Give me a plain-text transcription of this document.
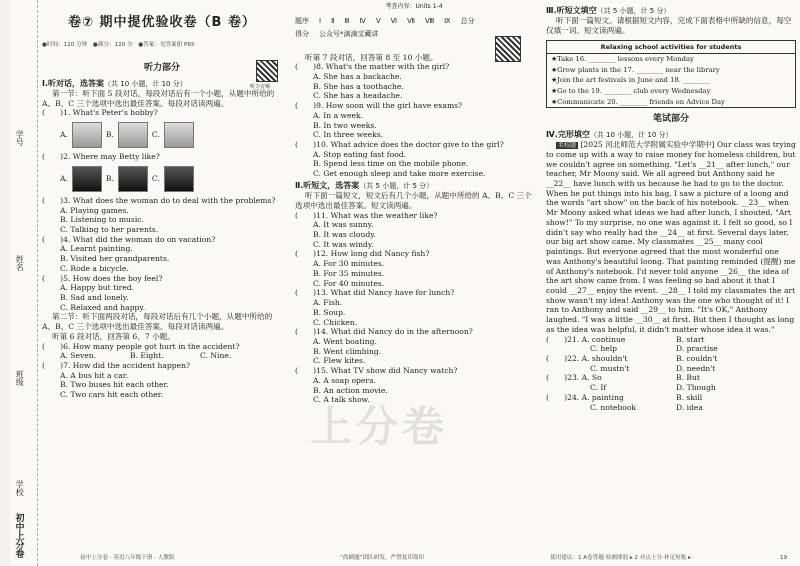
学号
姓名
班级
学校
初中上分卷
卷⑦ 期中提优验收卷（B 卷）
●时间：120 分钟　●满分：120 分　●答案：见答案册 P65
听力音频
听力部分

Ⅰ.听对话，选答案（共 10 小题，计 10 分）

第一节：听下面 5 段对话，每段对话后有一个小题，从题中所给的 A、B、C 三个选项中选出最佳答案。每段对话读两遍。

(　　)1. What's Peter's hobby?

A.	B.	C.

(　　)2. Where may Betty like?

A.	B.	C.

(　　)3. What does the woman do to deal with the problems?

A. Playing games.

B. Listening to music.

C. Talking to her parents.

(　　)4. What did the woman do on vacation?

A. Learnt painting.

B. Visited her grandparents.

C. Rode a bicycle.

(　　)5. How does the boy feel?

A. Happy but tired.

B. Sad and lonely.

C. Relaxed and happy.

第二节：听下面两段对话，每段对话后有几个小题，从题中所给的 A、B、C 三个选项中选出最佳答案。每段对话读两遍。

听第 6 段对话，回答第 6、7 小题。

(　　)6. How many people got hurt in the accident?

A. Seven.	B. Eight.	C. Nine.

(　　)7. How did the accident happen?

A. A bus hit a car.

B. Two buses hit each other.

C. Two cars hit each other.

初中上分卷 · 英语八年级下册 · 人教版
考查内容：Units 1-4
题序 Ⅰ Ⅱ Ⅲ Ⅳ Ⅴ Ⅵ Ⅶ Ⅷ Ⅸ 总分
得分 公众号*滴滴宝藏讲

听第 7 段对话，回答第 8 至 10 小题。

(　　)8. What's the matter with the girl?

A. She has a backache.

B. She has a toothache.

C. She has a headache.

(　　)9. How soon will the girl have exams?

A. In a week.

B. In two weeks.

C. In three weeks.

(　　)10. What advice does the doctor give to the girl?

A. Stop eating fast food.

B. Spend less time on the mobile phone.

C. Get enough sleep and take more exercise.

Ⅱ.听短文，选答案（共 5 小题，计 5 分）

听下面一篇短文，短文后有几个小题，从题中所给的 A、B、C 三个选项中选出最佳答案。短文读两遍。

(　　)11. What was the weather like?

A. It was sunny.

B. It was cloudy.

C. It was windy.

(　　)12. How long did Nancy fish?

A. For 30 minutes.

B. For 35 minutes.

C. For 40 minutes.

(　　)13. What did Nancy have for lunch?

A. Fish.

B. Soup.

C. Chicken.

(　　)14. What did Nancy do in the afternoon?

A. Went boating.

B. Went climbing.

C. Flew kites.

(　　)15. What TV show did Nancy watch?

A. A soap opera.

B. An action movie.

C. A talk show.

“尚刷题”团队研发，严禁复印盗印
上分卷

Ⅲ.听短文填空（共 5 小题，计 5 分）

听下面一篇短文。请根据短文内容，完成下面表格中所缺的信息，每空仅填一词。短文读两遍。

Relaxing school activities for students
★Take 16. ________ lessons every Monday
★Grow plants in the 17. ________ near the library
★Join the art festivals in June and 18. ________
★Go to the 19. ________ club every Wednesday
★Communicate 20. ________ friends on Advice Day
笔试部分

Ⅳ.完形填空（共 10 小题，计 10 分）

名校题 [2025 河北师范大学附属实验中学期中] Our class was trying to come up with a way to raise money for homeless children, but we couldn't agree on something. "Let's __21__ after lunch," our teacher, Mr Moony said. We all agreed but Anthony said he __22__ have lunch with us because he had to go to the doctor. When he put things into his bag, I saw a picture of a loong and the words "art show" on the back of his notebook. __23__ when Mr Moony asked what ideas we had after lunch, I shouted, "Art show!" To my surprise, no one was against it. I felt so good, so I didn't say who really had the __24__ at first. Several days later, our big art show came. My classmates __25__ many cool paintings. But everyone agreed that the most wonderful one was Anthony's beautiful loong. That painting reminded (提醒) me of Anthony's notebook. I'd never told anyone __26__ the idea of the art show came from. I was feeling so bad about it that I could __27__ enjoy the event. __28__ I told my classmates the art show wasn't my idea! Anthony was the one who thought of it! I ran to Anthony and said __29__ to him. "It's OK," Anthony laughed. "I was a little __30__ at first. But then I thought as long as the idea was helpful, it didn't matter whose idea it was."

(　　)21. A. continue	B. start
C. help	D. practise
(　　)22. A. shouldn't	B. couldn't
C. mustn't	D. needn't
(　　)23. A. So	B. But
C. If	D. Though
(　　)24. A. painting	B. skill
C. notebook	D. idea
使用建议：1 A卷答题·检测薄弱 ▸ 2 对点上分·补足短板 ▸	19
